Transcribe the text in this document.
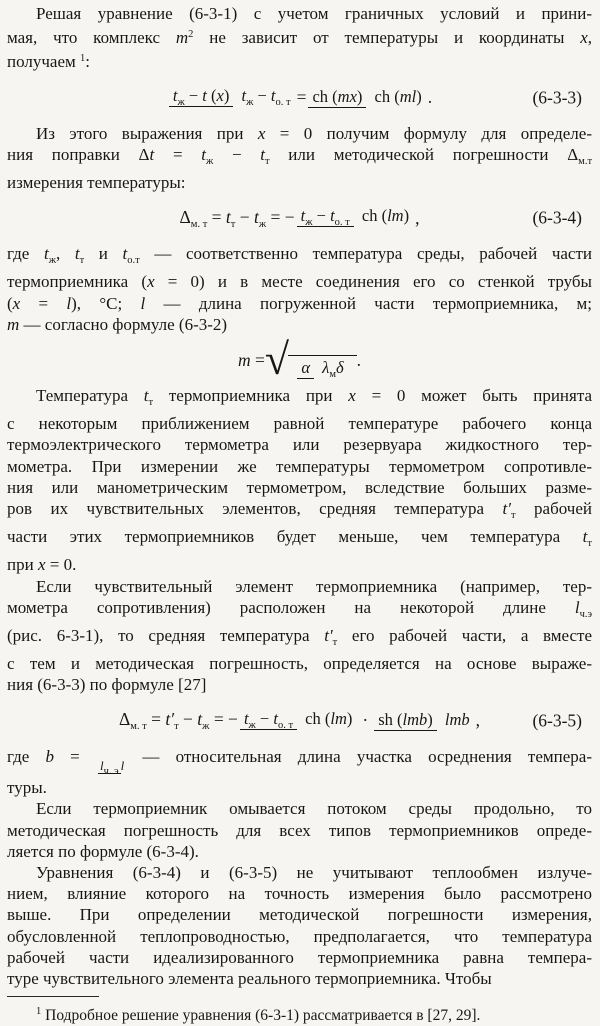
Решая уравнение (6-3-1) с учетом граничных условий и прини-
мая, что комплекс $m^2$ не зависит от температуры и координаты x,
получаем $^1$:
$t_ж - t$ (x) $t_ж - t_{о. т}$ = ch (mx) ch (ml) .	(6-3-3)
Из этого выражения при x = 0 получим формулу для определе-
ния поправки $\Delta t = t_ж - t_т$ или методической погрешности $\Delta_{м.т}$
измерения температуры:
$\Delta_{м. т} = t_т - t_ж$ = − $t_ж - t_{о. т}$ ch (lm) ,	(6-3-4)
где $t_ж$, $t_т$ и $t_{о.т}$ — соответственно температура среды, рабочей части
термоприемника (x = 0) и в месте соединения его со стенкой трубы
(x = l), °C; l — длина погруженной части термоприемника, м;
m — согласно формуле (6-3-2)
m = √ α $\lambda_м\delta$ .
Температура $t_т$ термоприемника при x = 0 может быть принята
с некоторым приближением равной температуре рабочего конца
термоэлектрического термометра или резервуара жидкостного тер-
мометра. При измерении же температуры термометром сопротивле-
ния или манометрическим термометром, вследствие больших разме-
ров их чувствительных элементов, средняя температура $t'_т$ рабочей
части этих термоприемников будет меньше, чем температура $t_т$
при x = 0.
Если чувствительный элемент термоприемника (например, тер-
мометра сопротивления) расположен на некоторой длине $l_{ч.э}$
(рис. 6-3-1), то средняя температура $t'_т$ его рабочей части, а вместе
с тем и методическая погрешность, определяется на основе выраже-
ния (6-3-3) по формуле [27]
$\Delta_{м. т} = t'_т - t_ж$ = − $t_ж - t_{о. т}$ ch (lm) · sh (lmb) lmb ,	(6-3-5)
где $b = l_{ч. э}$ l — относительная длина участка осреднения темпера-
туры.
Если термоприемник омывается потоком среды продольно, то
методическая погрешность для всех типов термоприемников опреде-
ляется по формуле (6-3-4).
Уравнения (6-3-4) и (6-3-5) не учитывают теплообмен излуче-
нием, влияние которого на точность измерения было рассмотрено
выше. При определении методической погрешности измерения,
обусловленной теплопроводностью, предполагается, что температура
рабочей части идеализированного термоприемника равна темпера-
туре чувствительного элемента реального термоприемника. Чтобы
$^1$ Подробное решение уравнения (6-3-1) рассматривается в [27, 29].
